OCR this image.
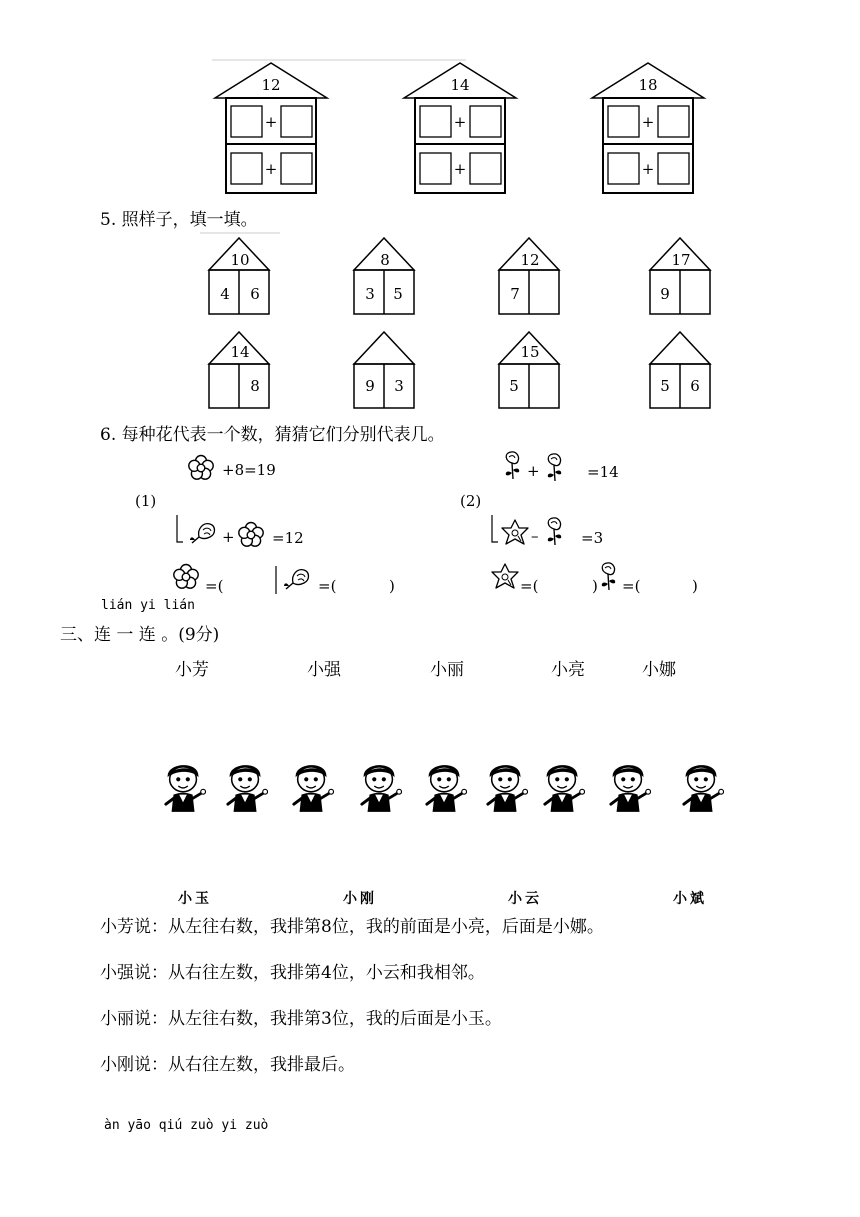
12
+
+
14
+
+
18
+
+
5. 照样子，填一填。
10
4 6
8
3 5
12
7
17
9
14
8	9 3
15
5	5 6
6. 每种花代表一个数，猜猜它们分别代表几。
+8=19
(1)
+ =12
=(	=(	)
+	=14
(2)
–	=3
=(	) =(	)
lián yi lián
三、连 一 连 。(9分)
小芳	小强	小丽	小亮	小娜
小玉	小刚	小云	小斌
小芳说：从左往右数，我排第8位，我的前面是小亮，后面是小娜。
小强说：从右往左数，我排第4位，小云和我相邻。
小丽说：从左往右数，我排第3位，我的后面是小玉。
小刚说：从右往左数，我排最后。
àn yāo qiú zuò yi zuò
